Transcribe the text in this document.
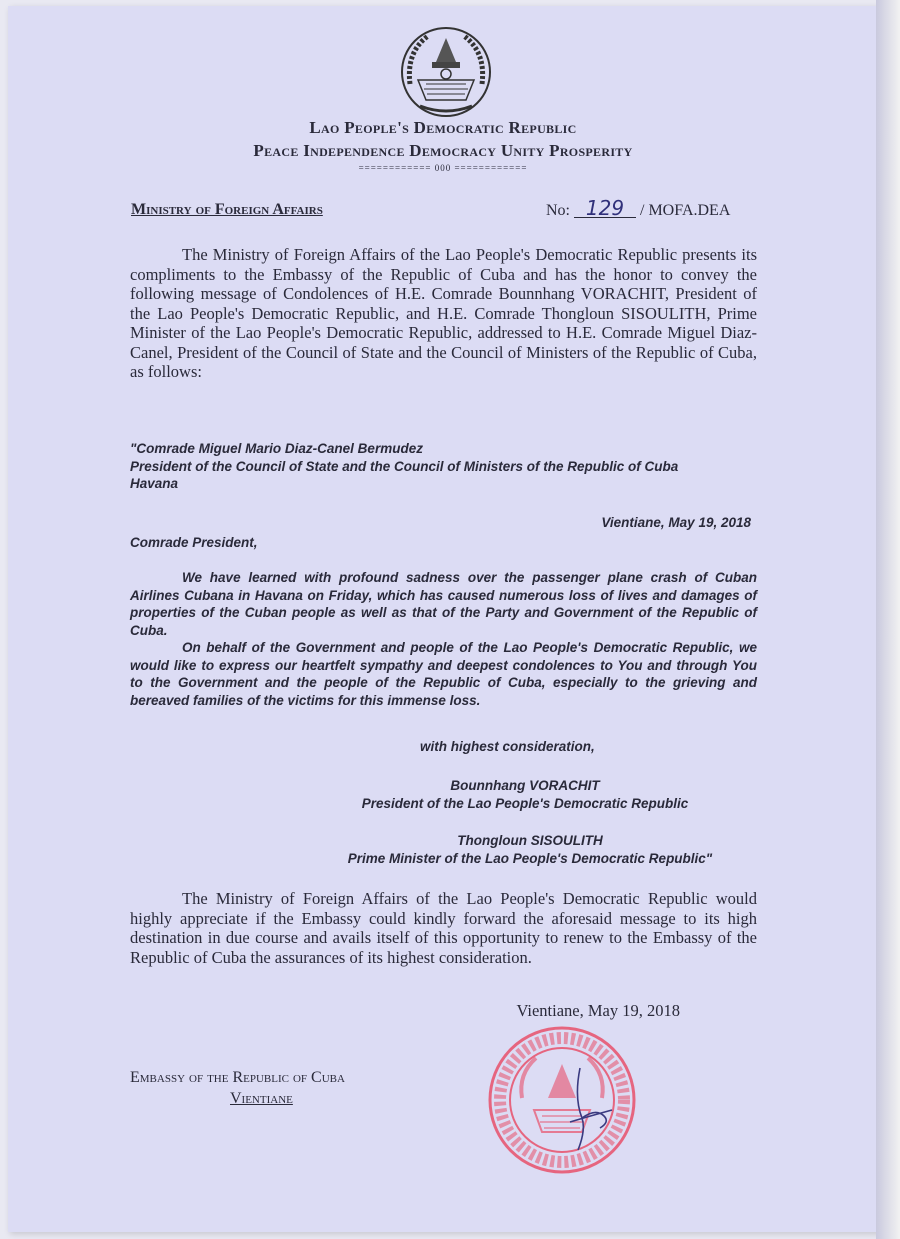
Lao People's Democratic Republic
Peace Independence Democracy Unity Prosperity
============ 000 ============
Ministry of Foreign Affairs	No: 129 / MOFA.DEA

The Ministry of Foreign Affairs of the Lao People's Democratic Republic presents its compliments to the Embassy of the Republic of Cuba and has the honor to convey the following message of Condolences of H.E. Comrade Bounnhang VORACHIT, President of the Lao People's Democratic Republic, and H.E. Comrade Thongloun SISOULITH, Prime Minister of the Lao People's Democratic Republic, addressed to H.E. Comrade Miguel Diaz-Canel, President of the Council of State and the Council of Ministers of the Republic of Cuba, as follows:

"Comrade Miguel Mario Diaz-Canel Bermudez
President of the Council of State and the Council of Ministers of the Republic of Cuba
Havana

Vientiane, May 19, 2018

Comrade President,

We have learned with profound sadness over the passenger plane crash of Cuban Airlines Cubana in Havana on Friday, which has caused numerous loss of lives and damages of properties of the Cuban people as well as that of the Party and Government of the Republic of Cuba.

On behalf of the Government and people of the Lao People's Democratic Republic, we would like to express our heartfelt sympathy and deepest condolences to You and through You to the Government and the people of the Republic of Cuba, especially to the grieving and bereaved families of the victims for this immense loss.

with highest consideration,

Bounnhang VORACHIT

President of the Lao People's Democratic Republic

Thongloun SISOULITH

Prime Minister of the Lao People's Democratic Republic"

The Ministry of Foreign Affairs of the Lao People's Democratic Republic would highly appreciate if the Embassy could kindly forward the aforesaid message to its high destination in due course and avails itself of this opportunity to renew to the Embassy of the Republic of Cuba the assurances of its highest consideration.

Vientiane, May 19, 2018
Embassy of the Republic of Cuba
Vientiane
